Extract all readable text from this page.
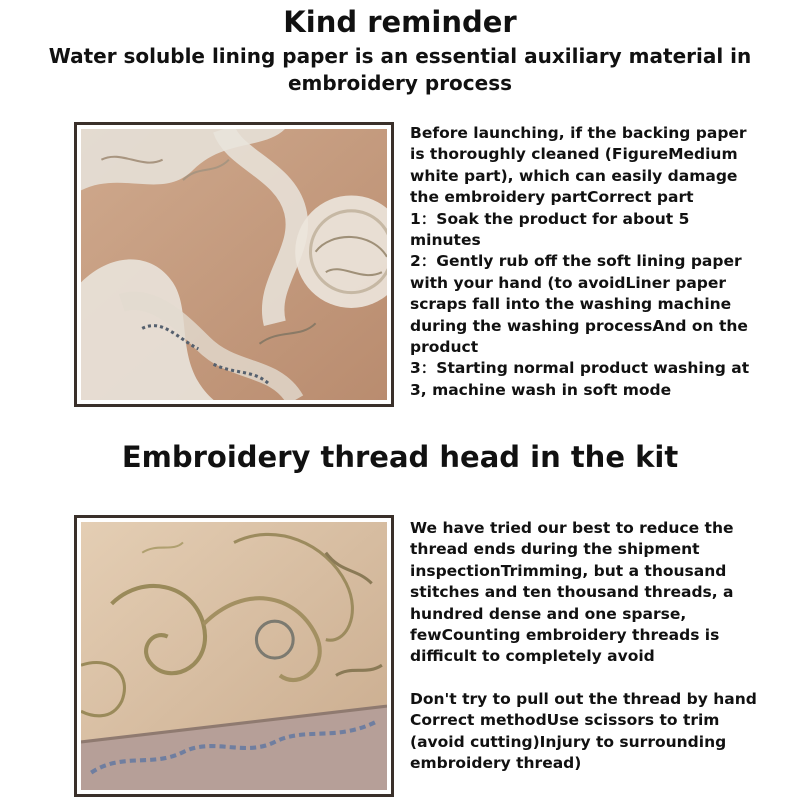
Kind reminder
Water soluble lining paper is an essential auxiliary material in
embroidery process
Before launching, if the backing paper
is thoroughly cleaned (FigureMedium
white part), which can easily damage
the embroidery partCorrect part
1：Soak the product for about 5
minutes
2：Gently rub off the soft lining paper
with your hand (to avoidLiner paper
scraps fall into the washing machine
during the washing processAnd on the
product
3：Starting normal product washing at
3, machine wash in soft mode
Embroidery thread head in the kit
We have tried our best to reduce the
thread ends during the shipment
inspectionTrimming, but a thousand
stitches and ten thousand threads, a
hundred dense and one sparse,
fewCounting embroidery threads is
difficult to completely avoid
Don't try to pull out the thread by hand
Correct methodUse scissors to trim
(avoid cutting)Injury to surrounding
embroidery thread)
